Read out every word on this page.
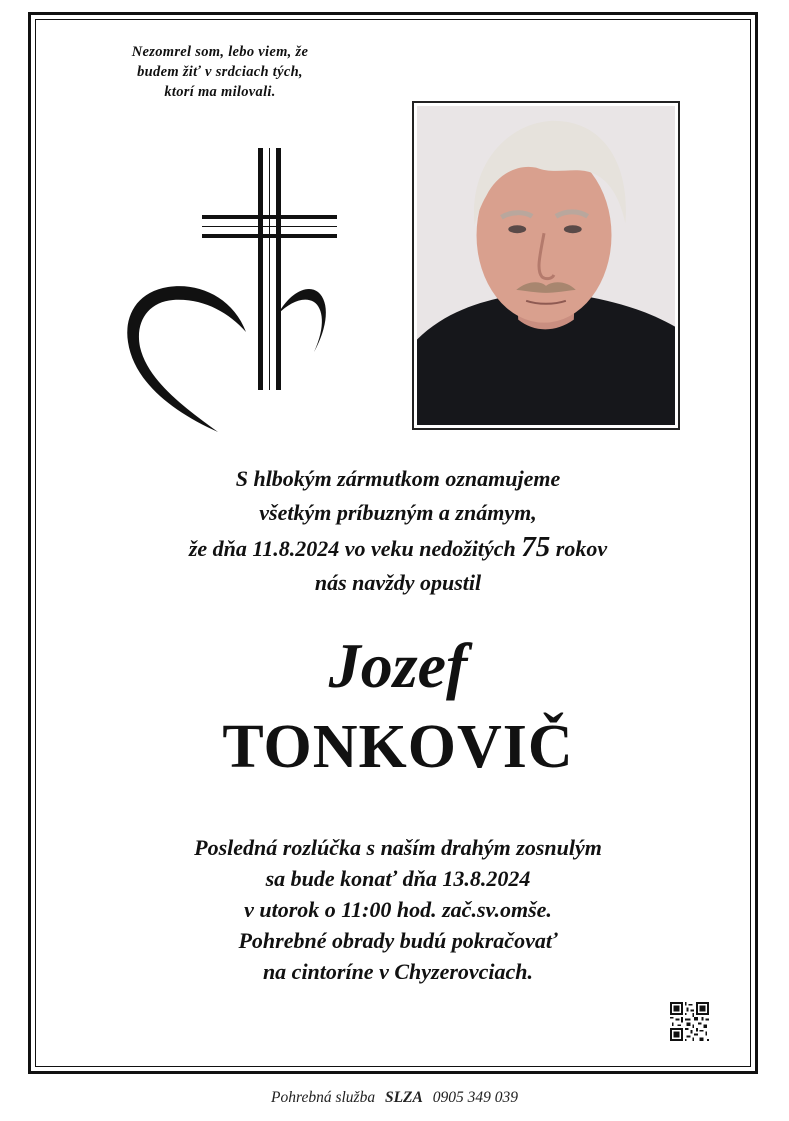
Nezomrel som, lebo viem, že
budem žiť v srdciach tých,
ktorí ma milovali.
S hlbokým zármutkom oznamujeme
všetkým príbuzným a známym,
že dňa 11.8.2024 vo veku nedožitých 75 rokov
nás navždy opustil
Jozef
TONKOVIČ
Posledná rozlúčka s naším drahým zosnulým
sa bude konať dňa 13.8.2024
v utorok o 11:00 hod. zač.sv.omše.
Pohrebné obrady budú pokračovať
na cintoríne v Chyzerovciach.
Pohrebná služba SLZA 0905 349 039
